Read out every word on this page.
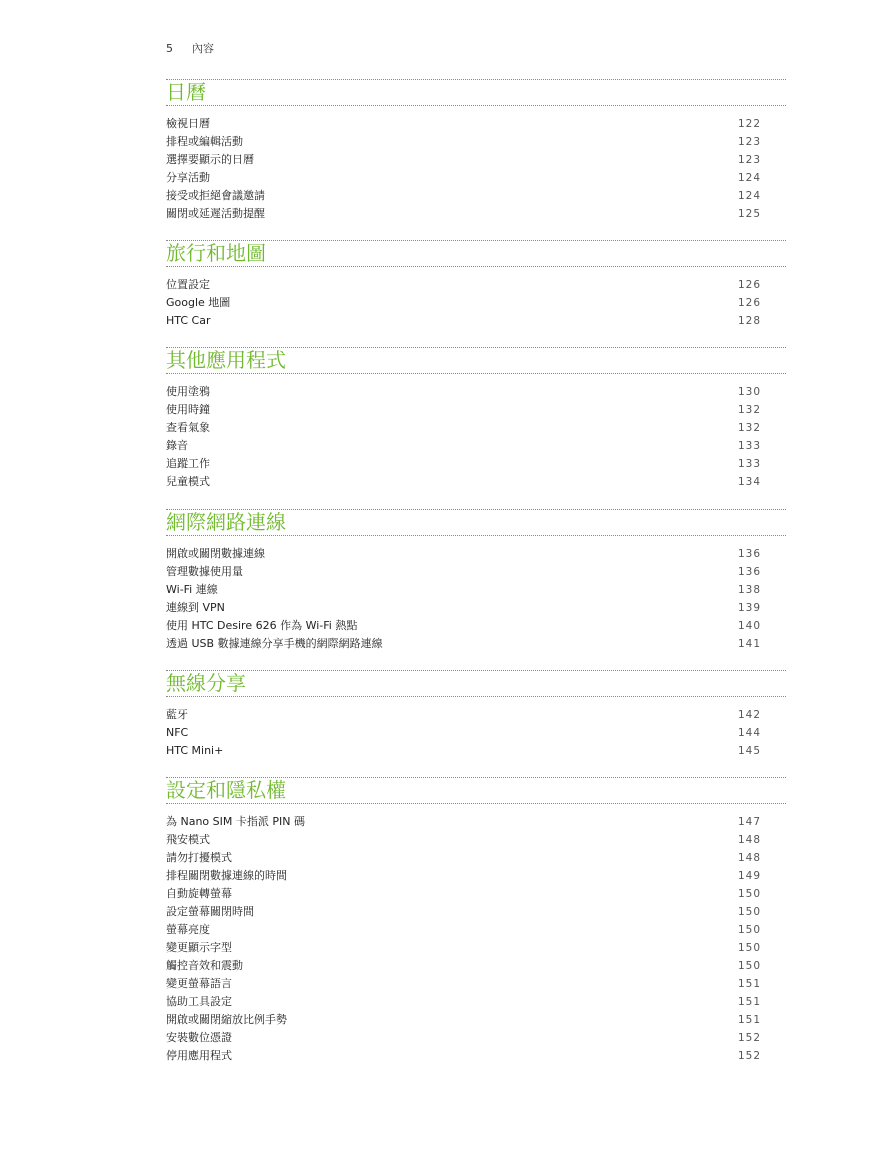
5 內容
日曆
檢視日曆	122
排程或編輯活動	123
選擇要顯示的日曆	123
分享活動	124
接受或拒絕會議邀請	124
關閉或延遲活動提醒	125
旅行和地圖
位置設定	126
Google 地圖	126
HTC Car	128
其他應用程式
使用塗鴉	130
使用時鐘	132
查看氣象	132
錄音	133
追蹤工作	133
兒童模式	134
網際網路連線
開啟或關閉數據連線	136
管理數據使用量	136
Wi-Fi 連線	138
連線到 VPN	139
使用 HTC Desire 626 作為 Wi-Fi 熱點	140
透過 USB 數據連線分享手機的網際網路連線	141
無線分享
藍牙	142
NFC	144
HTC Mini+	145
設定和隱私權
為 Nano SIM 卡指派 PIN 碼	147
飛安模式	148
請勿打擾模式	148
排程關閉數據連線的時間	149
自動旋轉螢幕	150
設定螢幕關閉時間	150
螢幕亮度	150
變更顯示字型	150
觸控音效和震動	150
變更螢幕語言	151
協助工具設定	151
開啟或關閉縮放比例手勢	151
安裝數位憑證	152
停用應用程式	152
